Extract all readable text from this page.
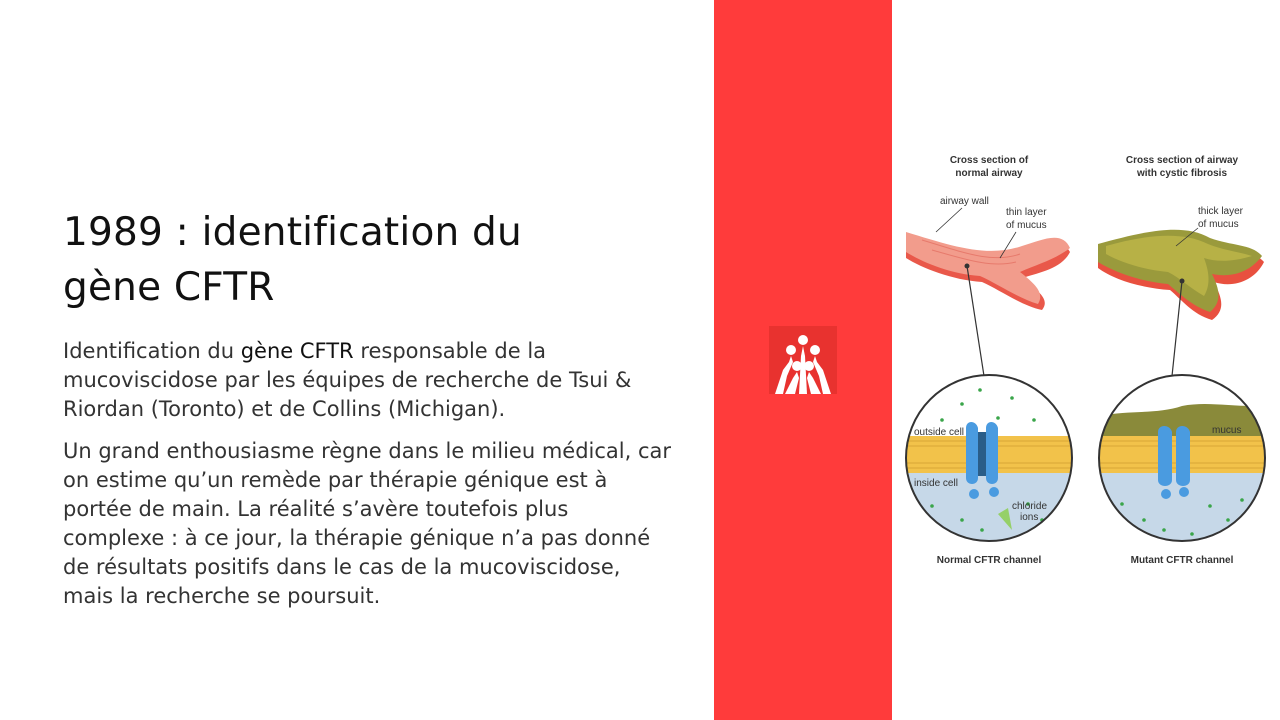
1989 : identification du gène CFTR

Identification du gène CFTR responsable de la mucoviscidose par les équipes de recherche de Tsui & Riordan (Toronto) et de Collins (Michigan).

Un grand enthousiasme règne dans le milieu médical, car on estime qu’un remède par thérapie génique est à portée de main. La réalité s’avère toutefois plus complexe : à ce jour, la thérapie génique n’a pas donné de résultats positifs dans le cas de la mucoviscidose, mais la recherche se poursuit.

Cross section of
normal airway
Cross section of airway
with cystic fibrosis
airway wall
thin layer
of mucus
thick layer
of mucus
outside cell
inside cell
chloride
ions
mucus
Normal CFTR channel	Mutant CFTR channel
